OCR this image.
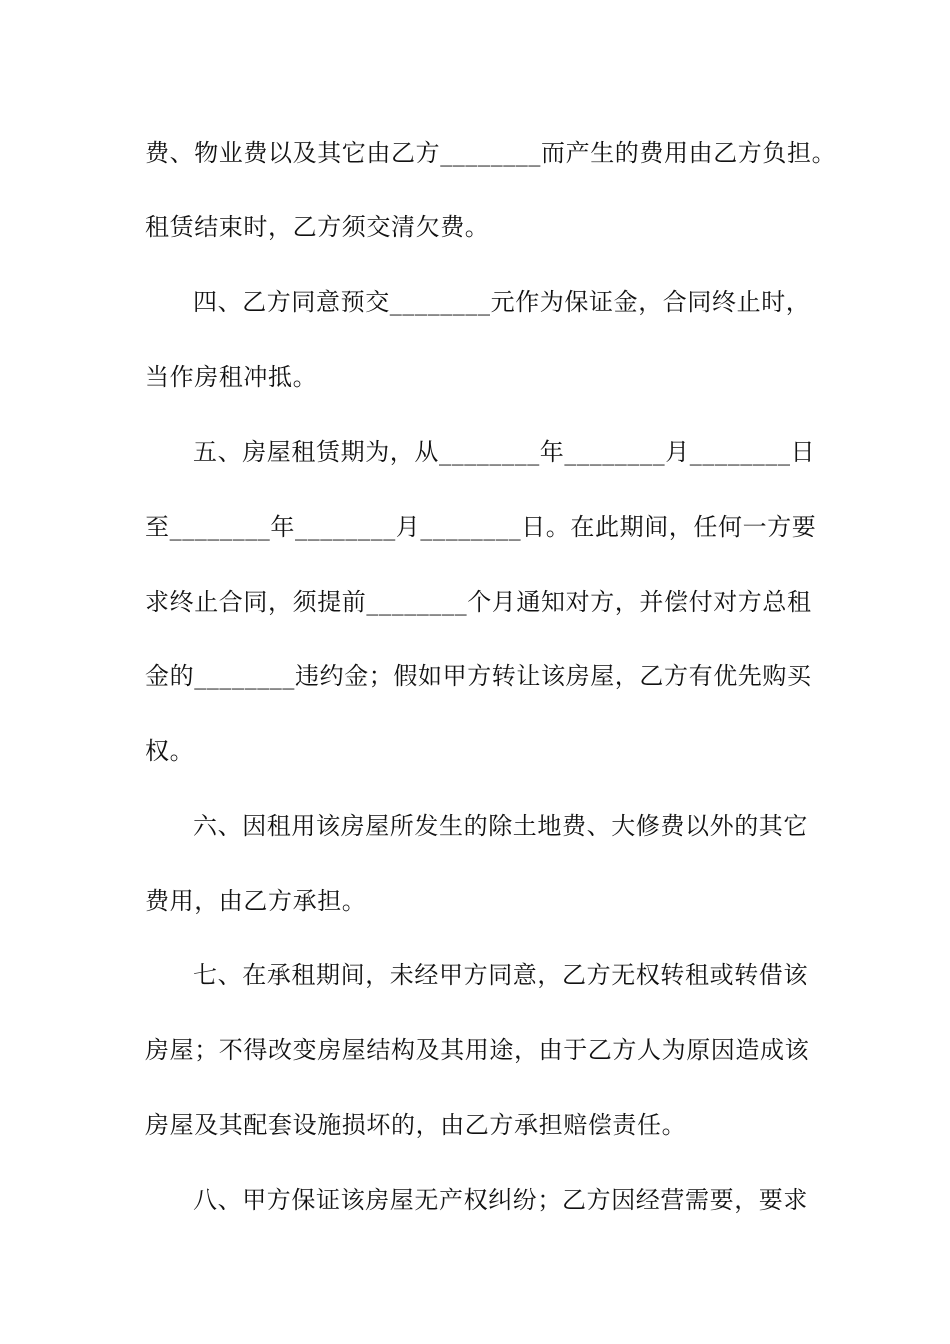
费、物业费以及其它由乙方________而产生的费用由乙方负担。
租赁结束时，乙方须交清欠费。
四、乙方同意预交________元作为保证金，合同终止时，
当作房租冲抵。
五、房屋租赁期为，从________年________月________日
至________年________月________日。在此期间，任何一方要
求终止合同，须提前________个月通知对方，并偿付对方总租
金的________违约金；假如甲方转让该房屋，乙方有优先购买
权。
六、因租用该房屋所发生的除土地费、大修费以外的其它
费用，由乙方承担。
七、在承租期间，未经甲方同意，乙方无权转租或转借该
房屋；不得改变房屋结构及其用途，由于乙方人为原因造成该
房屋及其配套设施损坏的，由乙方承担赔偿责任。
八、甲方保证该房屋无产权纠纷；乙方因经营需要，要求
